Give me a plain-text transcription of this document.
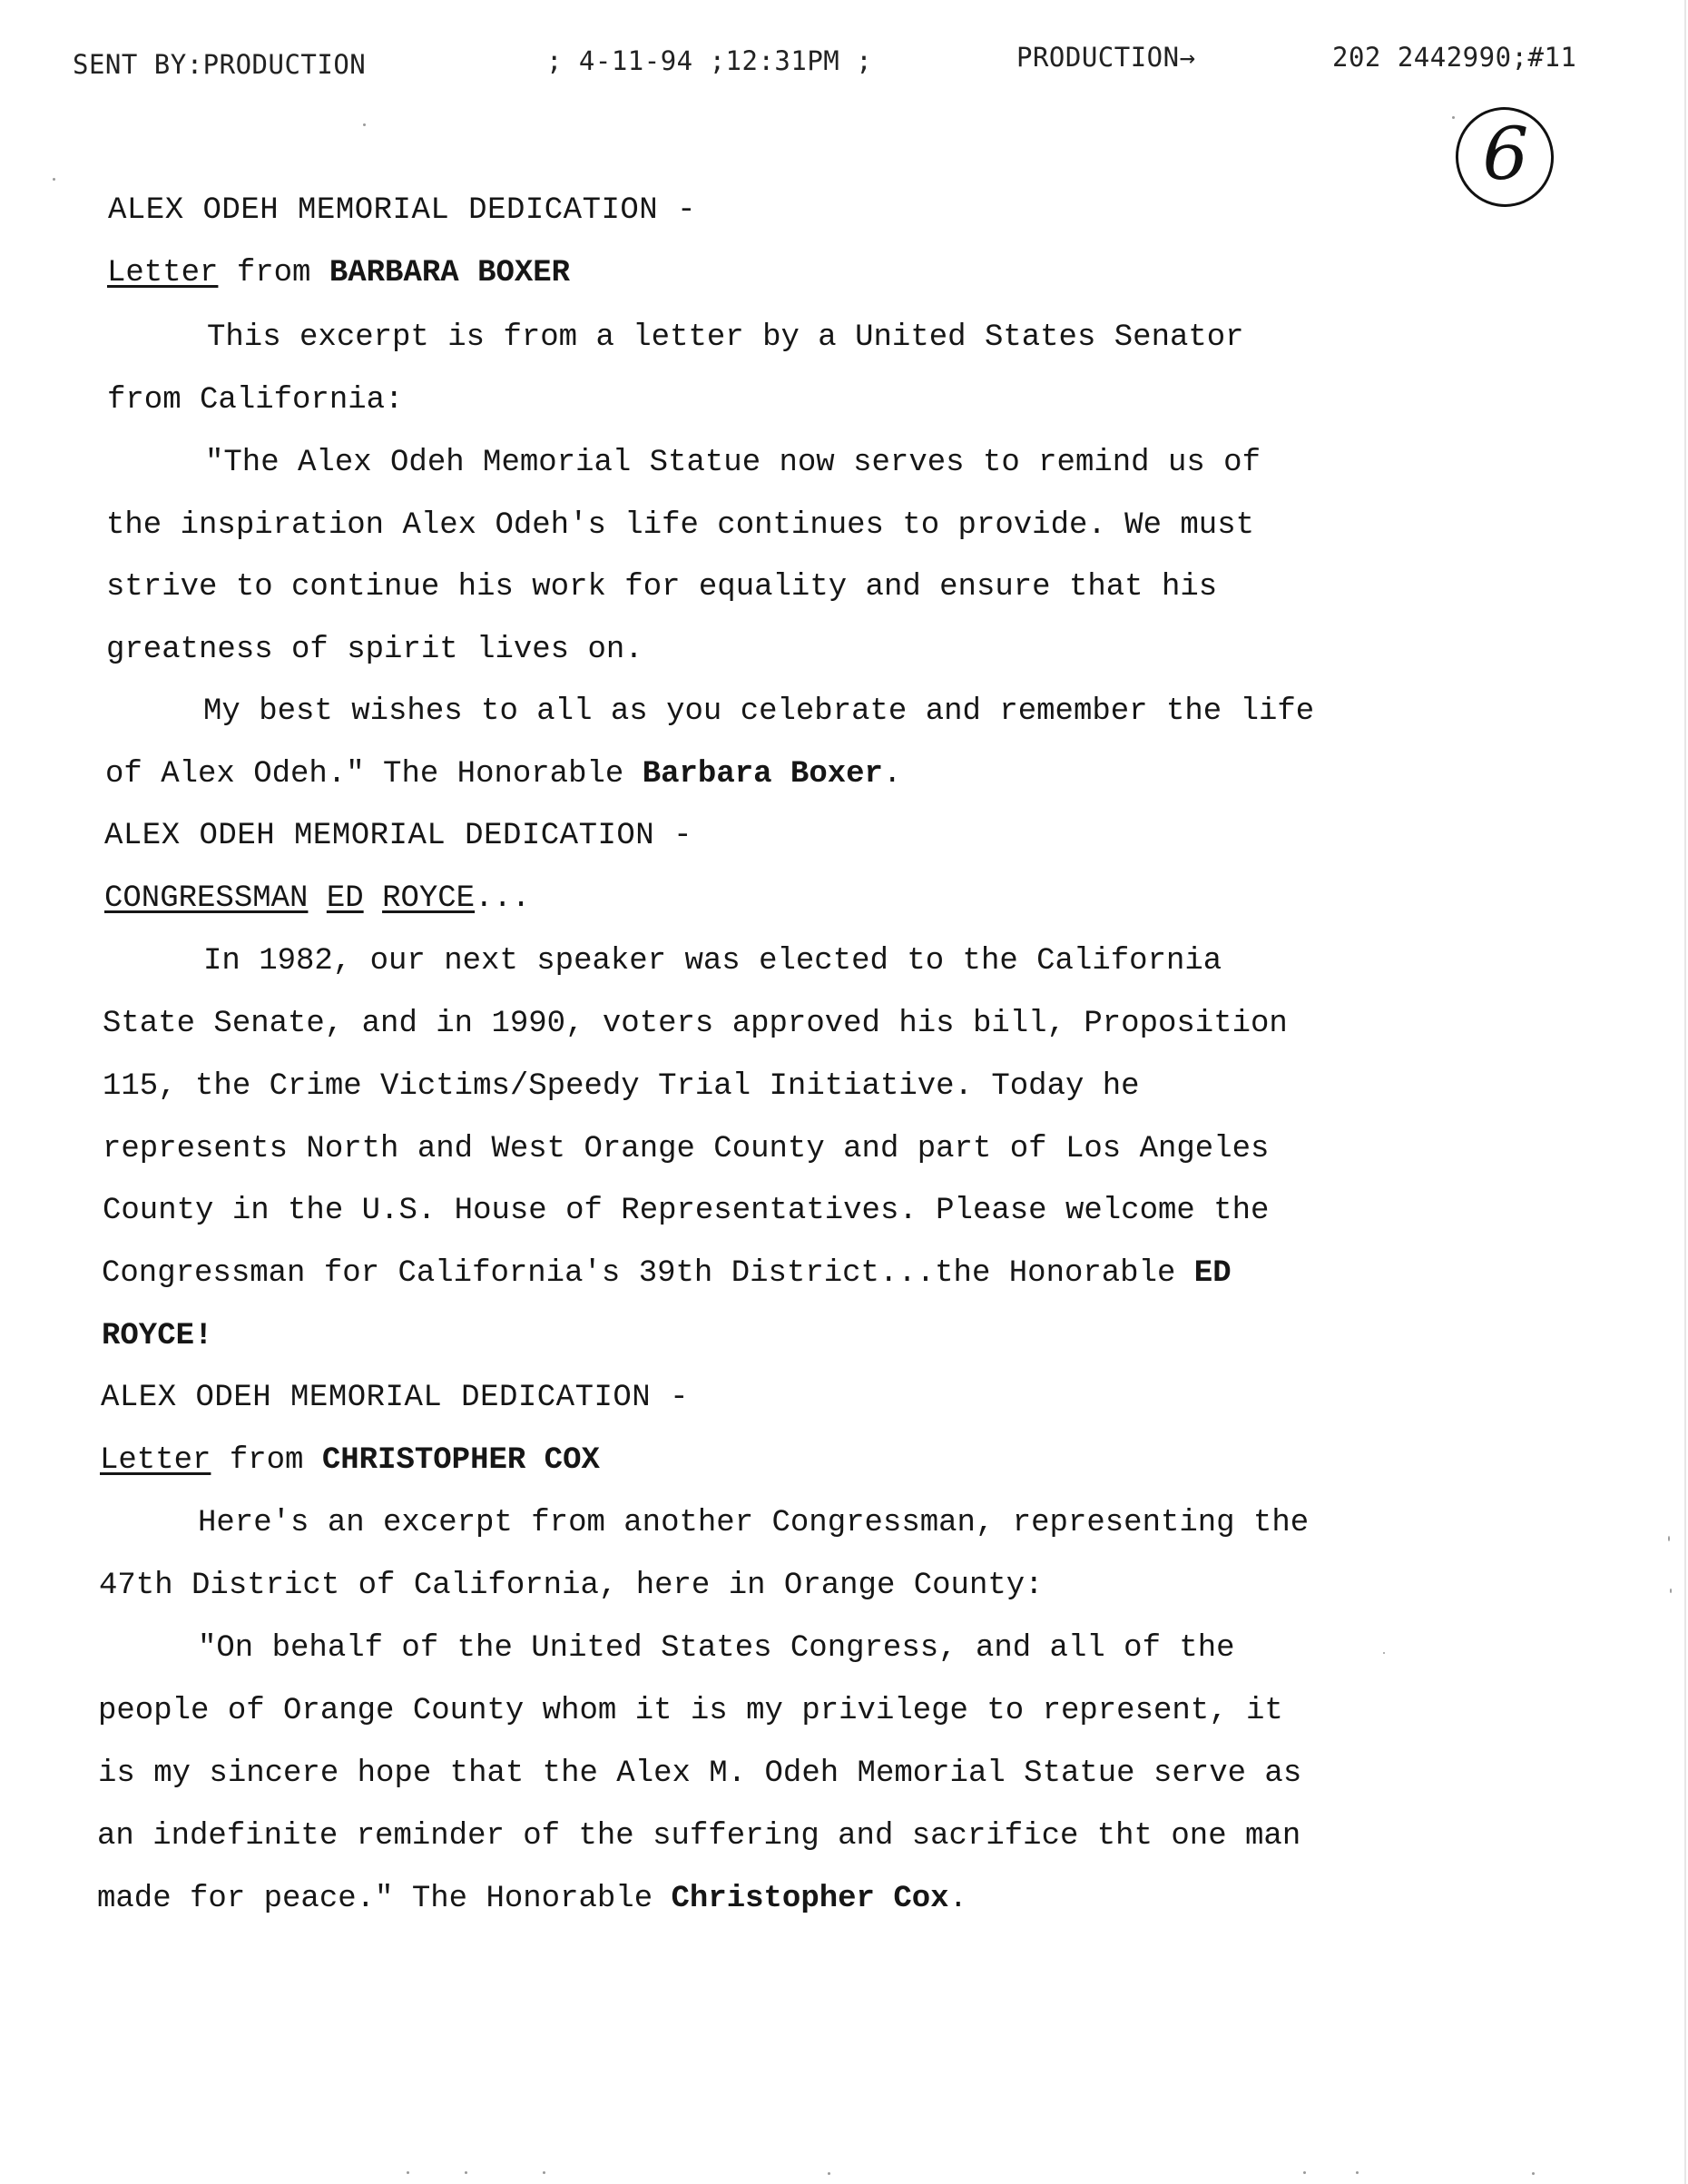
SENT BY:PRODUCTION	; 4-11-94 ;12:31PM ;	PRODUCTION→	202 2442990;#11
6
ALEX ODEH MEMORIAL DEDICATION -
Letter from BARBARA BOXER
This excerpt is from a letter by a United States Senator
from California:
"The Alex Odeh Memorial Statue now serves to remind us of
the inspiration Alex Odeh's life continues to provide. We must
strive to continue his work for equality and ensure that his
greatness of spirit lives on.
My best wishes to all as you celebrate and remember the life
of Alex Odeh." The Honorable Barbara Boxer.
ALEX ODEH MEMORIAL DEDICATION -
CONGRESSMAN ED ROYCE...
In 1982, our next speaker was elected to the California
State Senate, and in 1990, voters approved his bill, Proposition
115, the Crime Victims/Speedy Trial Initiative. Today he
represents North and West Orange County and part of Los Angeles
County in the U.S. House of Representatives. Please welcome the
Congressman for California's 39th District...the Honorable ED
ROYCE!
ALEX ODEH MEMORIAL DEDICATION -
Letter from CHRISTOPHER COX
Here's an excerpt from another Congressman, representing the
47th District of California, here in Orange County:
"On behalf of the United States Congress, and all of the
people of Orange County whom it is my privilege to represent, it
is my sincere hope that the Alex M. Odeh Memorial Statue serve as
an indefinite reminder of the suffering and sacrifice tht one man
made for peace." The Honorable Christopher Cox.
